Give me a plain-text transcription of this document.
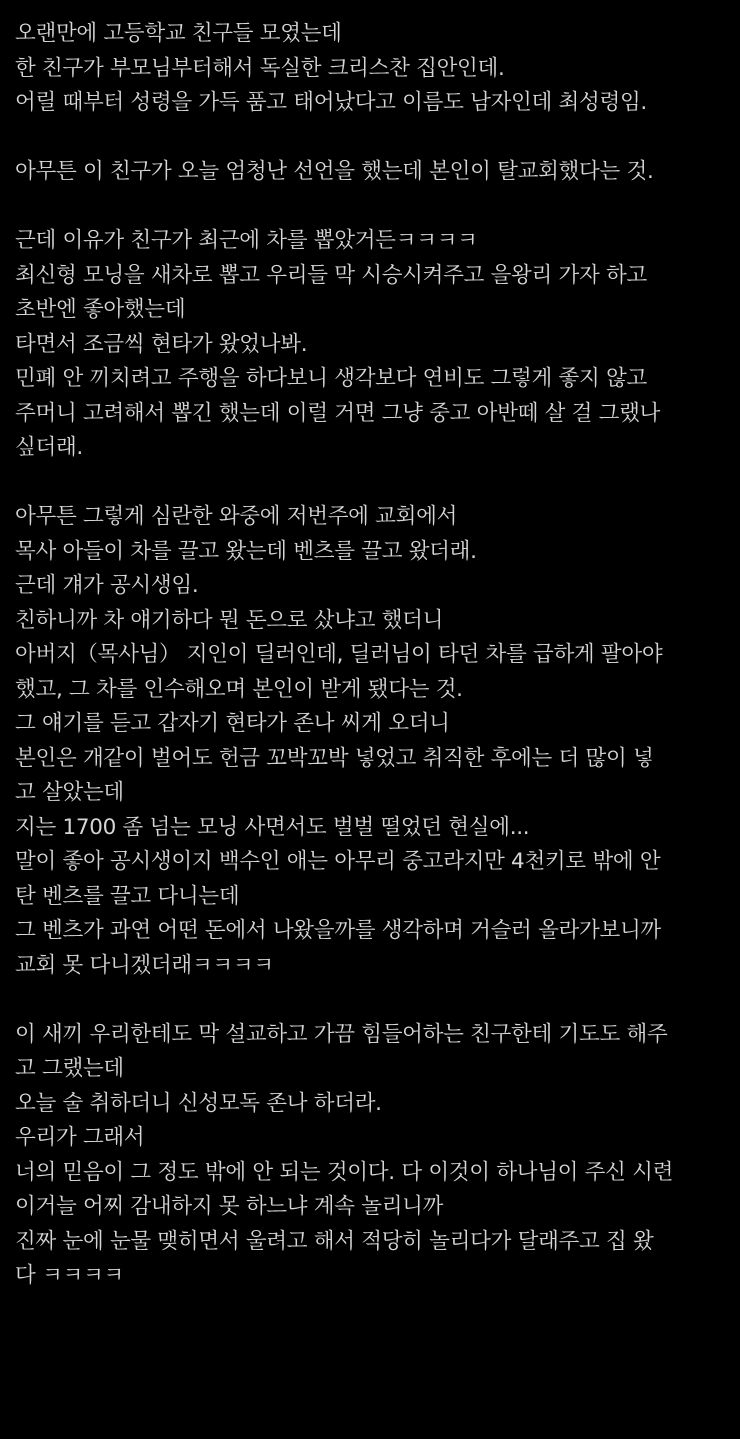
오랜만에 고등학교 친구들 모였는데
한 친구가 부모님부터해서 독실한 크리스찬 집안인데.
어릴 때부터 성령을 가득 품고 태어났다고 이름도 남자인데 최성령임.
아무튼 이 친구가 오늘 엄청난 선언을 했는데 본인이 탈교회했다는 것.
근데 이유가 친구가 최근에 차를 뽑았거든ㅋㅋㅋㅋ
최신형 모닝을 새차로 뽑고 우리들 막 시승시켜주고 을왕리 가자 하고
초반엔 좋아했는데
타면서 조금씩 현타가 왔었나봐.
민폐 안 끼치려고 주행을 하다보니 생각보다 연비도 그렇게 좋지 않고
주머니 고려해서 뽑긴 했는데 이럴 거면 그냥 중고 아반떼 살 걸 그랬나
싶더래.
아무튼 그렇게 심란한 와중에 저번주에 교회에서
목사 아들이 차를 끌고 왔는데 벤츠를 끌고 왔더래.
근데 걔가 공시생임.
친하니까 차 얘기하다 뭔 돈으로 샀냐고 했더니
아버지（목사님） 지인이 딜러인데, 딜러님이 타던 차를 급하게 팔아야
했고, 그 차를 인수해오며 본인이 받게 됐다는 것.
그 얘기를 듣고 갑자기 현타가 존나 씨게 오더니
본인은 개같이 벌어도 헌금 꼬박꼬박 넣었고 취직한 후에는 더 많이 넣
고 살았는데
지는 1700 좀 넘는 모닝 사면서도 벌벌 떨었던 현실에...
말이 좋아 공시생이지 백수인 애는 아무리 중고라지만 4천키로 밖에 안
탄 벤츠를 끌고 다니는데
그 벤츠가 과연 어떤 돈에서 나왔을까를 생각하며 거슬러 올라가보니까
교회 못 다니겠더래ㅋㅋㅋㅋ
이 새끼 우리한테도 막 설교하고 가끔 힘들어하는 친구한테 기도도 해주
고 그랬는데
오늘 술 취하더니 신성모독 존나 하더라.
우리가 그래서
너의 믿음이 그 정도 밖에 안 되는 것이다. 다 이것이 하나님이 주신 시련
이거늘 어찌 감내하지 못 하느냐 계속 놀리니까
진짜 눈에 눈물 맺히면서 울려고 해서 적당히 놀리다가 달래주고 집 왔
다 ㅋㅋㅋㅋ
